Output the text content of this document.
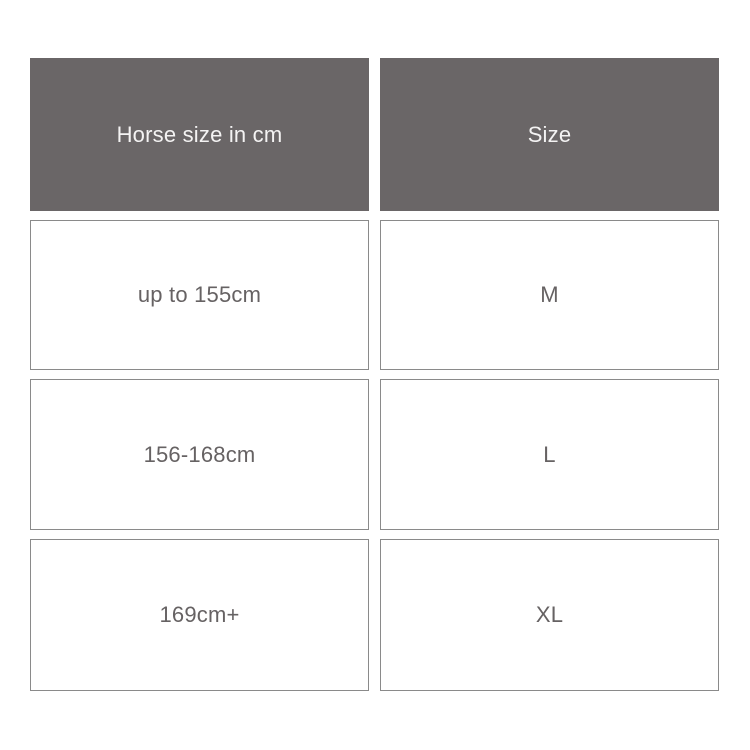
Horse size in cm	Size
up to 155cm	M
156-168cm	L
169cm+	XL
